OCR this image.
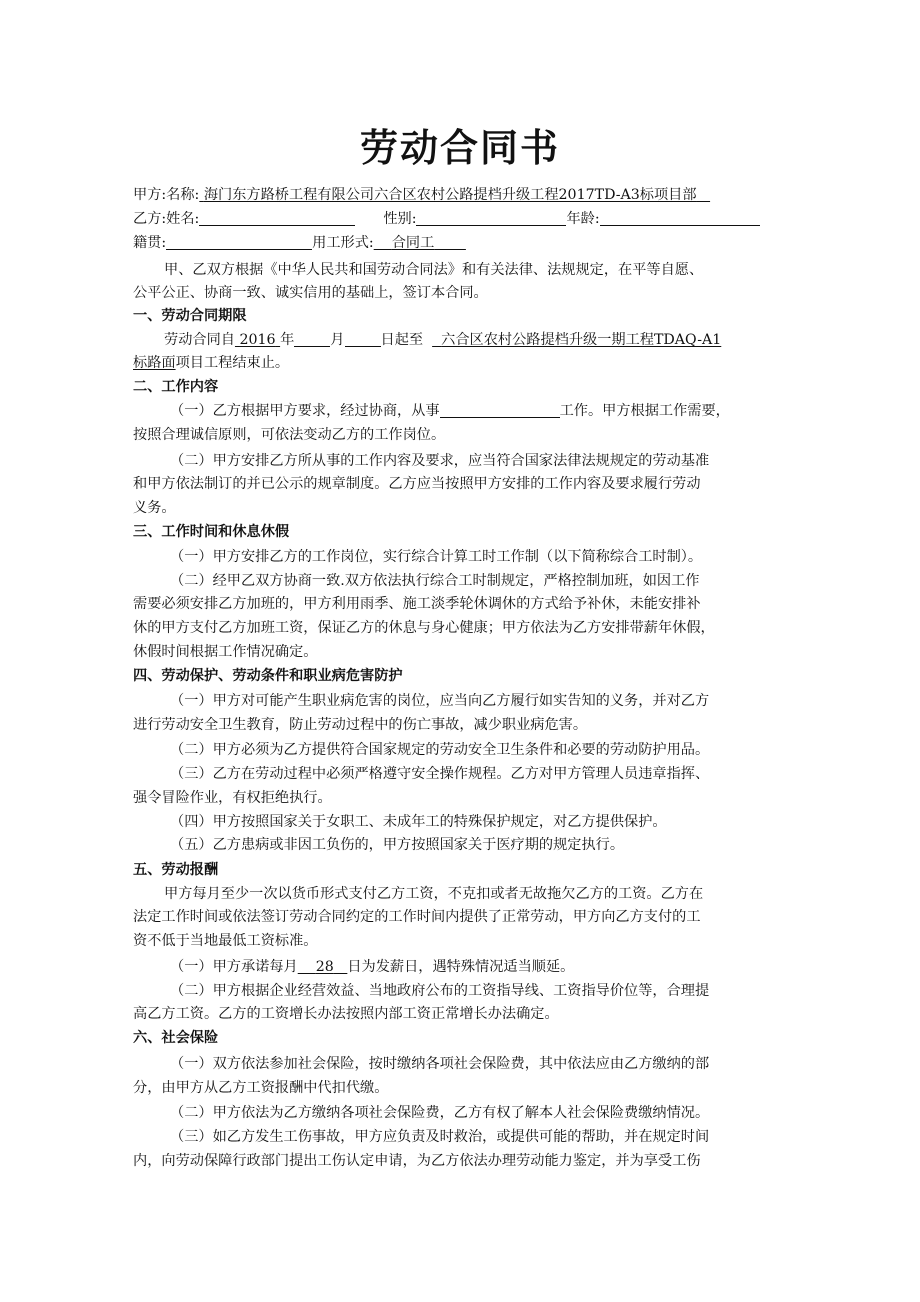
劳动合同书
甲方:名称: 海门东方路桥工程有限公司六合区农村公路提档升级工程2017TD-A3标项目部
乙方:姓名:	性别:	年龄:
籍贯:	用工形式: 合同工
甲、乙双方根据《中华人民共和国劳动合同法》和有关法律、法规规定，在平等自愿、
公平公正、协商一致、诚实信用的基础上，签订本合同。
一、劳动合同期限
劳动合同自 2016 年	月	日起至 六合区农村公路提档升级一期工程TDAQ-A1
标路面项目工程结束止。
二、工作内容
（一）乙方根据甲方要求，经过协商，从事	工作。甲方根据工作需要，
按照合理诚信原则，可依法变动乙方的工作岗位。
（二）甲方安排乙方所从事的工作内容及要求，应当符合国家法律法规规定的劳动基准
和甲方依法制订的并已公示的规章制度。乙方应当按照甲方安排的工作内容及要求履行劳动
义务。
三、工作时间和休息休假
（一）甲方安排乙方的工作岗位，实行综合计算工时工作制（以下简称综合工时制）。
（二）经甲乙双方协商一致.双方依法执行综合工时制规定，严格控制加班，如因工作
需要必须安排乙方加班的，甲方利用雨季、施工淡季轮休调休的方式给予补休，未能安排补
休的甲方支付乙方加班工资，保证乙方的休息与身心健康；甲方依法为乙方安排带薪年休假，
休假时间根据工作情况确定。
四、劳动保护、劳动条件和职业病危害防护
（一）甲方对可能产生职业病危害的岗位，应当向乙方履行如实告知的义务，并对乙方
进行劳动安全卫生教育，防止劳动过程中的伤亡事故，减少职业病危害。
（二）甲方必须为乙方提供符合国家规定的劳动安全卫生条件和必要的劳动防护用品。
（三）乙方在劳动过程中必须严格遵守安全操作规程。乙方对甲方管理人员违章指挥、
强令冒险作业，有权拒绝执行。
（四）甲方按照国家关于女职工、未成年工的特殊保护规定，对乙方提供保护。
（五）乙方患病或非因工负伤的，甲方按照国家关于医疗期的规定执行。
五、劳动报酬
甲方每月至少一次以货币形式支付乙方工资，不克扣或者无故拖欠乙方的工资。乙方在
法定工作时间或依法签订劳动合同约定的工作时间内提供了正常劳动，甲方向乙方支付的工
资不低于当地最低工资标准。
（一）甲方承诺每月 28 日为发薪日，遇特殊情况适当顺延。
（二）甲方根据企业经营效益、当地政府公布的工资指导线、工资指导价位等，合理提
高乙方工资。乙方的工资增长办法按照内部工资正常增长办法确定。
六、社会保险
（一）双方依法参加社会保险，按时缴纳各项社会保险费，其中依法应由乙方缴纳的部
分，由甲方从乙方工资报酬中代扣代缴。
（二）甲方依法为乙方缴纳各项社会保险费，乙方有权了解本人社会保险费缴纳情况。
（三）如乙方发生工伤事故，甲方应负责及时救治，或提供可能的帮助，并在规定时间
内，向劳动保障行政部门提出工伤认定申请，为乙方依法办理劳动能力鉴定，并为享受工伤
